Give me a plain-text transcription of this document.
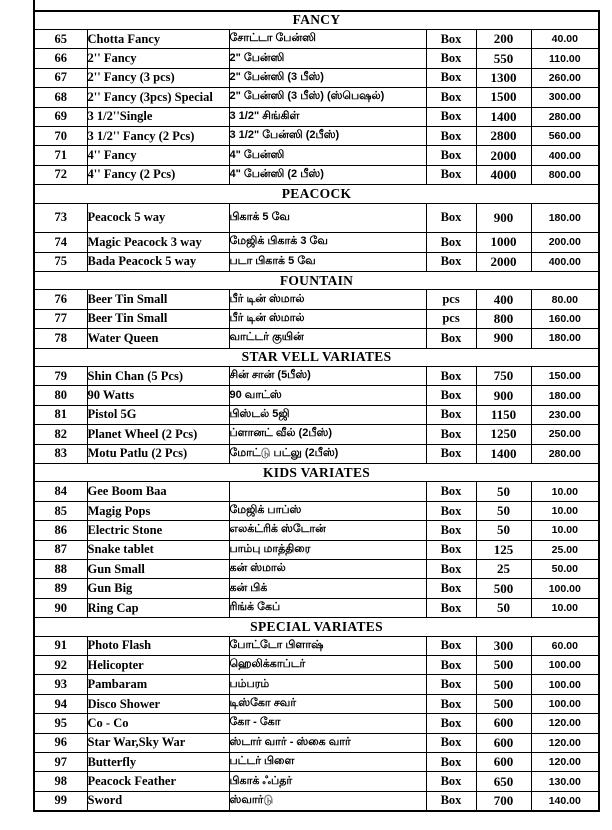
FANCY					
65	Chotta Fancy	சோட்டா பேன்ஸி	Box	200	40.00
66	2'' Fancy	2" பேன்ஸி	Box	550	110.00
67	2'' Fancy (3 pcs)	2" பேன்ஸி (3 பீஸ்)	Box	1300	260.00
68	2'' Fancy (3pcs) Special	2" பேன்ஸி (3 பீஸ்) (ஸ்பெஷல்)	Box	1500	300.00
69	3 1/2''Single	3 1/2" சிங்கிள்	Box	1400	280.00
70	3 1/2'' Fancy (2 Pcs)	3 1/2" பேன்ஸி (2பீஸ்)	Box	2800	560.00
71	4'' Fancy	4" பேன்ஸி	Box	2000	400.00
72	4'' Fancy (2 Pcs)	4" பேன்ஸி (2 பீஸ்)	Box	4000	800.00
PEACOCK					
73	Peacock 5 way	பிகாக் 5 வே	Box	900	180.00
74	Magic Peacock 3 way	மேஜிக் பிகாக் 3 வே	Box	1000	200.00
75	Bada Peacock 5 way	படா பிகாக் 5 வே	Box	2000	400.00
FOUNTAIN					
76	Beer Tin Small	பீர் டின் ஸ்மால்	pcs	400	80.00
77	Beer Tin Small	பீர் டின் ஸ்மால்	pcs	800	160.00
78	Water Queen	வாட்டர் குயின்	Box	900	180.00
STAR VELL VARIATES					
79	Shin Chan (5 Pcs)	சின் சான் (5பீஸ்)	Box	750	150.00
80	90 Watts	90 வாட்ஸ்	Box	900	180.00
81	Pistol 5G	பிஸ்டல் 5ஜி	Box	1150	230.00
82	Planet Wheel (2 Pcs)	ப்ளானட் வீல் (2பீஸ்)	Box	1250	250.00
83	Motu Patlu (2 Pcs)	மோட்டு பட்லு (2பீஸ்)	Box	1400	280.00
KIDS VARIATES					
84	Gee Boom Baa		Box	50	10.00
85	Magig Pops	மேஜிக் பாப்ஸ்	Box	50	10.00
86	Electric Stone	எலக்ட்ரிக் ஸ்டோன்	Box	50	10.00
87	Snake tablet	பாம்பு மாத்திரை	Box	125	25.00
88	Gun Small	கன் ஸ்மால்	Box	25	50.00
89	Gun Big	கன் பிக்	Box	500	100.00
90	Ring Cap	ரிங்க் கேப்	Box	50	10.00
SPECIAL VARIATES					
91	Photo Flash	போட்டோ பிளாஷ்	Box	300	60.00
92	Helicopter	ஹெலிக்காப்டர்	Box	500	100.00
93	Pambaram	பம்பரம்	Box	500	100.00
94	Disco Shower	டிஸ்கோ சவர்	Box	500	100.00
95	Co - Co	கோ - கோ	Box	600	120.00
96	Star War,Sky War	ஸ்டார் வார் - ஸ்கை வார்	Box	600	120.00
97	Butterfly	பட்டர் பிளை	Box	600	120.00
98	Peacock Feather	பிகாக் ஃப்தர்	Box	650	130.00
99	Sword	ஸ்வார்டு	Box	700	140.00
